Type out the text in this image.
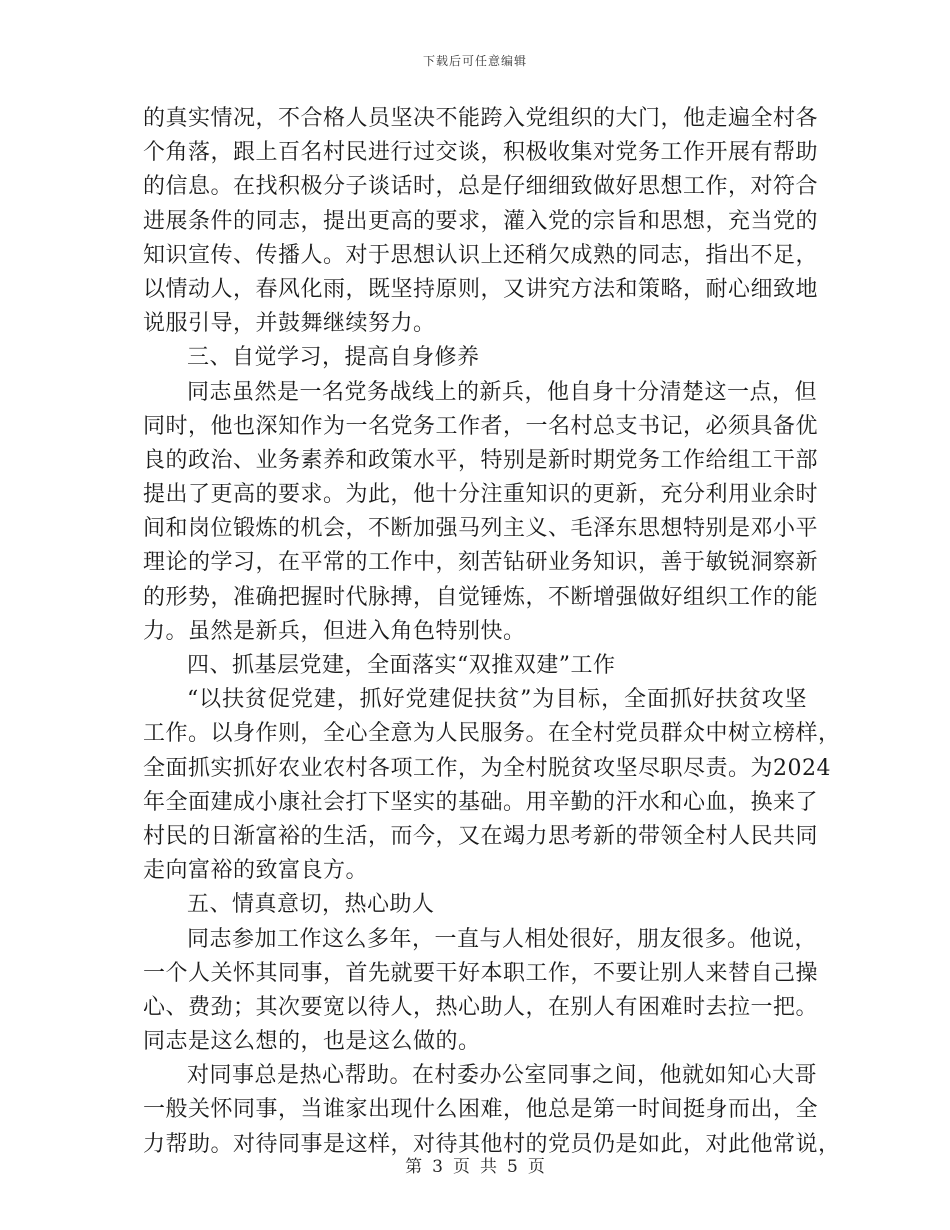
下载后可任意编辑
的真实情况，不合格人员坚决不能跨入党组织的大门，他走遍全村各
个角落，跟上百名村民进行过交谈，积极收集对党务工作开展有帮助
的信息。在找积极分子谈话时，总是仔细细致做好思想工作，对符合
进展条件的同志，提出更高的要求，灌入党的宗旨和思想，充当党的
知识宣传、传播人。对于思想认识上还稍欠成熟的同志，指出不足，
以情动人，春风化雨，既坚持原则，又讲究方法和策略，耐心细致地
说服引导，并鼓舞继续努力。
三、自觉学习，提高自身修养
同志虽然是一名党务战线上的新兵，他自身十分清楚这一点，但
同时，他也深知作为一名党务工作者，一名村总支书记，必须具备优
良的政治、业务素养和政策水平，特别是新时期党务工作给组工干部
提出了更高的要求。为此，他十分注重知识的更新，充分利用业余时
间和岗位锻炼的机会，不断加强马列主义、毛泽东思想特别是邓小平
理论的学习，在平常的工作中，刻苦钻研业务知识，善于敏锐洞察新
的形势，准确把握时代脉搏，自觉锤炼，不断增强做好组织工作的能
力。虽然是新兵，但进入角色特别快。
四、抓基层党建，全面落实“双推双建”工作
“以扶贫促党建，抓好党建促扶贫”为目标，全面抓好扶贫攻坚
工作。以身作则，全心全意为人民服务。在全村党员群众中树立榜样，
全面抓实抓好农业农村各项工作，为全村脱贫攻坚尽职尽责。为2024
年全面建成小康社会打下坚实的基础。用辛勤的汗水和心血，换来了
村民的日渐富裕的生活，而今，又在竭力思考新的带领全村人民共同
走向富裕的致富良方。
五、情真意切，热心助人
同志参加工作这么多年，一直与人相处很好，朋友很多。他说，
一个人关怀其同事，首先就要干好本职工作，不要让别人来替自己操
心、费劲；其次要宽以待人，热心助人，在别人有困难时去拉一把。
同志是这么想的，也是这么做的。
对同事总是热心帮助。在村委办公室同事之间，他就如知心大哥
一般关怀同事，当谁家出现什么困难，他总是第一时间挺身而出，全
力帮助。对待同事是这样，对待其他村的党员仍是如此，对此他常说，
第 3 页 共 5 页
